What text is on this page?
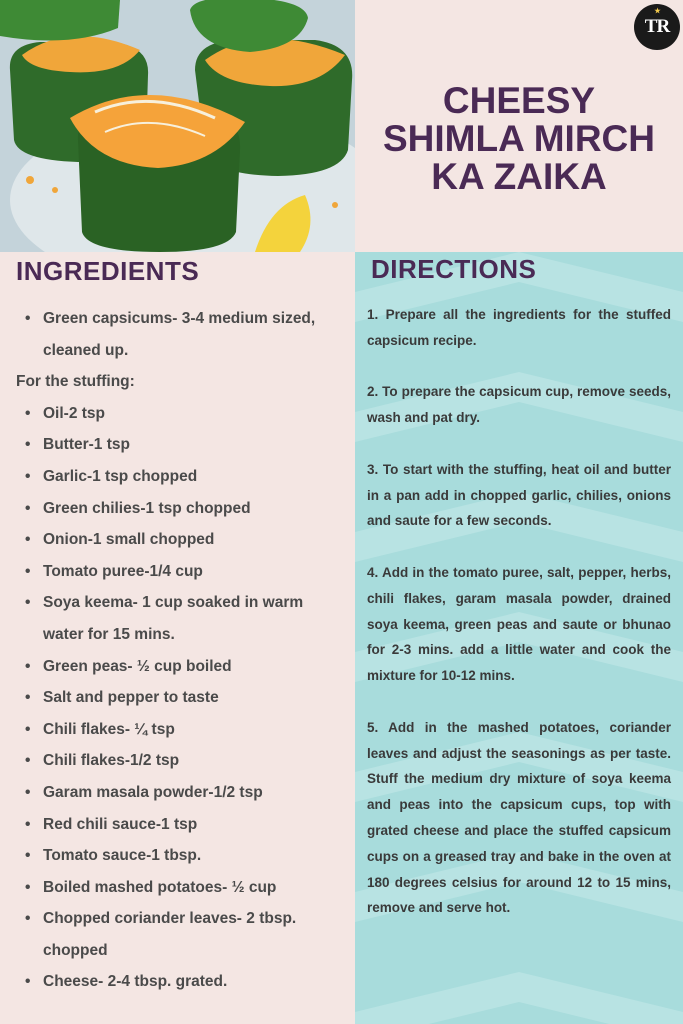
★
TR
CHEESY
SHIMLA MIRCH
KA ZAIKA
INGREDIENTS	DIRECTIONS
• Green capsicums- 3-4 medium sized, cleaned up.
For the stuffing:
• Oil-2 tsp
• Butter-1 tsp
• Garlic-1 tsp chopped
• Green chilies-1 tsp chopped
• Onion-1 small chopped
• Tomato puree-1/4 cup
• Soya keema- 1 cup soaked in warm water for 15 mins.
• Green peas- ½ cup boiled
• Salt and pepper to taste
• Chili flakes- ¼ tsp
• Chili flakes-1/2 tsp
• Garam masala powder-1/2 tsp
• Red chili sauce-1 tsp
• Tomato sauce-1 tbsp.
• Boiled mashed potatoes- ½ cup
• Chopped coriander leaves- 2 tbsp. chopped
• Cheese- 2-4 tbsp. grated.
1. Prepare all the ingredients for the stuffed capsicum recipe.
2. To prepare the capsicum cup, remove seeds, wash and pat dry.
3. To start with the stuffing, heat oil and butter in a pan add in chopped garlic, chilies, onions and saute for a few seconds.
4. Add in the tomato puree, salt, pepper, herbs, chili flakes, garam masala powder, drained soya keema, green peas and saute or bhunao for 2-3 mins. add a little water and cook the mixture for 10-12 mins.
5. Add in the mashed potatoes, coriander leaves and adjust the seasonings as per taste. Stuff the medium dry mixture of soya keema and peas into the capsicum cups, top with grated cheese and place the stuffed capsicum cups on a greased tray and bake in the oven at 180 degrees celsius for around 12 to 15 mins, remove and serve hot.
